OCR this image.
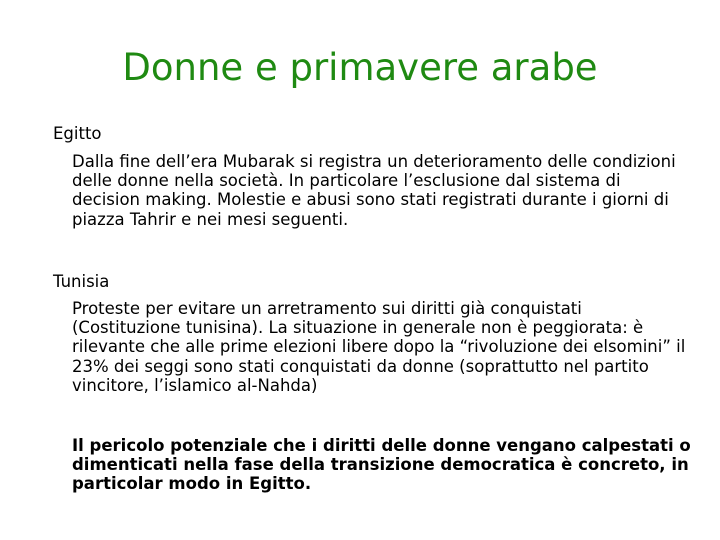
Donne e primavere arabe
Egitto
Dalla fine dell’era Mubarak si registra un deterioramento delle condizioni delle donne nella società. In particolare l’esclusione dal sistema di decision making. Molestie e abusi sono stati registrati durante i giorni di piazza Tahrir e nei mesi seguenti.
Tunisia
Proteste per evitare un arretramento sui diritti già conquistati (Costituzione tunisina). La situazione in generale non è peggiorata: è rilevante che alle prime elezioni libere dopo la “rivoluzione dei elsomini” il 23% dei seggi sono stati conquistati da donne (soprattutto nel partito vincitore, l’islamico al-Nahda)
Il pericolo potenziale che i diritti delle donne vengano calpestati o dimenticati nella fase della transizione democratica è concreto, in particolar modo in Egitto.
